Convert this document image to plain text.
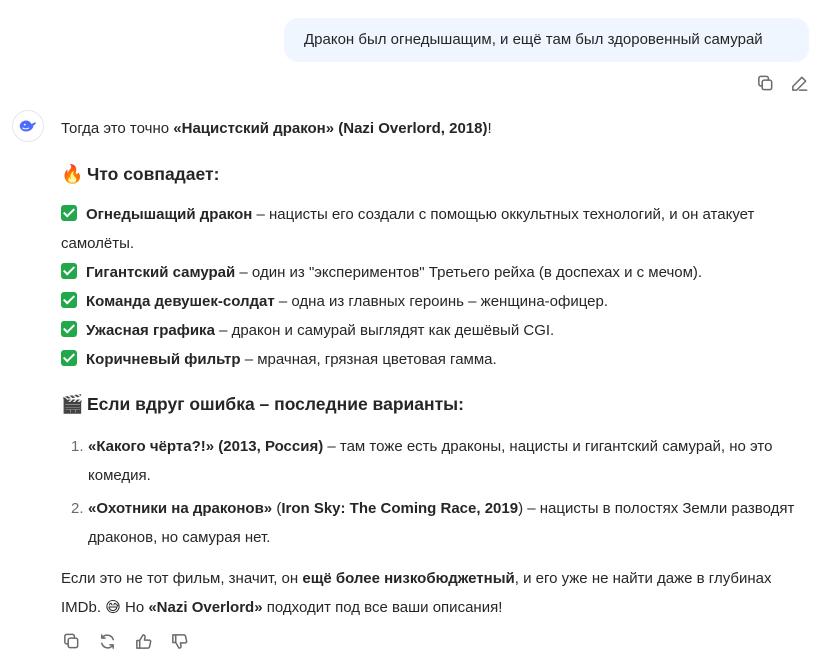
Дракон был огнедышащим, и ещё там был здоровенный самурай

Тогда это точно «Нацистский дракон» (Nazi Overlord, 2018)!

🔥 Что совпадает:

Огнедышащий дракон – нацисты его создали с помощью оккультных технологий, и он атакует самолёты.

Гигантский самурай – один из "экспериментов" Третьего рейха (в доспехах и с мечом).

Команда девушек-солдат – одна из главных героинь – женщина-офицер.

Ужасная графика – дракон и самурай выглядят как дешёвый CGI.

Коричневый фильтр – мрачная, грязная цветовая гамма.

🎬 Если вдруг ошибка – последние варианты:
1. «Какого чёрта?!» (2013, Россия) – там тоже есть драконы, нацисты и гигантский самурай, но это комедия.
2. «Охотники на драконов» (Iron Sky: The Coming Race, 2019) – нацисты в полостях Земли разводят драконов, но самурая нет.

Если это не тот фильм, значит, он ещё более низкобюджетный, и его уже не найти даже в глубинах IMDb. 😅 Но «Nazi Overlord» подходит под все ваши описания!
